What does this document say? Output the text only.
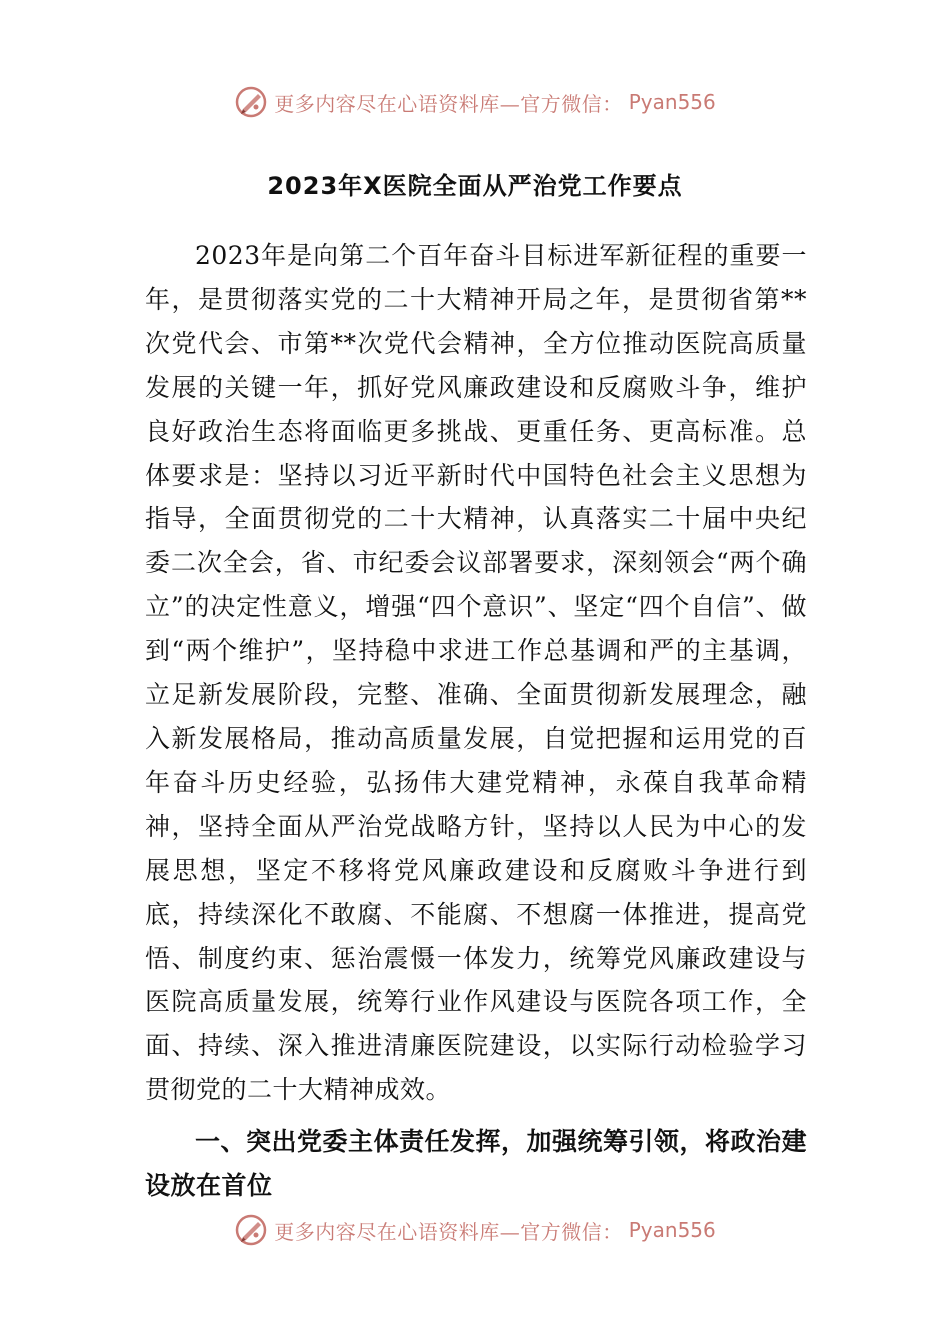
更多内容尽在心语资料库—官方微信： Pyan556
2023年X医院全面从严治党工作要点

2023年是向第二个百年奋斗目标进军新征程的重要一年，是贯彻落实党的二十大精神开局之年，是贯彻省第**次党代会、市第**次党代会精神，全方位推动医院高质量发展的关键一年，抓好党风廉政建设和反腐败斗争，维护良好政治生态将面临更多挑战、更重任务、更高标准。总体要求是：坚持以习近平新时代中国特色社会主义思想为指导，全面贯彻党的二十大精神，认真落实二十届中央纪委二次全会，省、市纪委会议部署要求，深刻领会“两个确立”的决定性意义，增强“四个意识”、坚定“四个自信”、做到“两个维护”，坚持稳中求进工作总基调和严的主基调，立足新发展阶段，完整、准确、全面贯彻新发展理念，融入新发展格局，推动高质量发展，自觉把握和运用党的百年奋斗历史经验，弘扬伟大建党精神，永葆自我革命精神，坚持全面从严治党战略方针，坚持以人民为中心的发展思想，坚定不移将党风廉政建设和反腐败斗争进行到底，持续深化不敢腐、不能腐、不想腐一体推进，提高党悟、制度约束、惩治震慑一体发力，统筹党风廉政建设与医院高质量发展，统筹行业作风建设与医院各项工作，全面、持续、深入推进清廉医院建设，以实际行动检验学习贯彻党的二十大精神成效。

一、突出党委主体责任发挥，加强统筹引领，将政治建设放在首位

更多内容尽在心语资料库—官方微信： Pyan556
